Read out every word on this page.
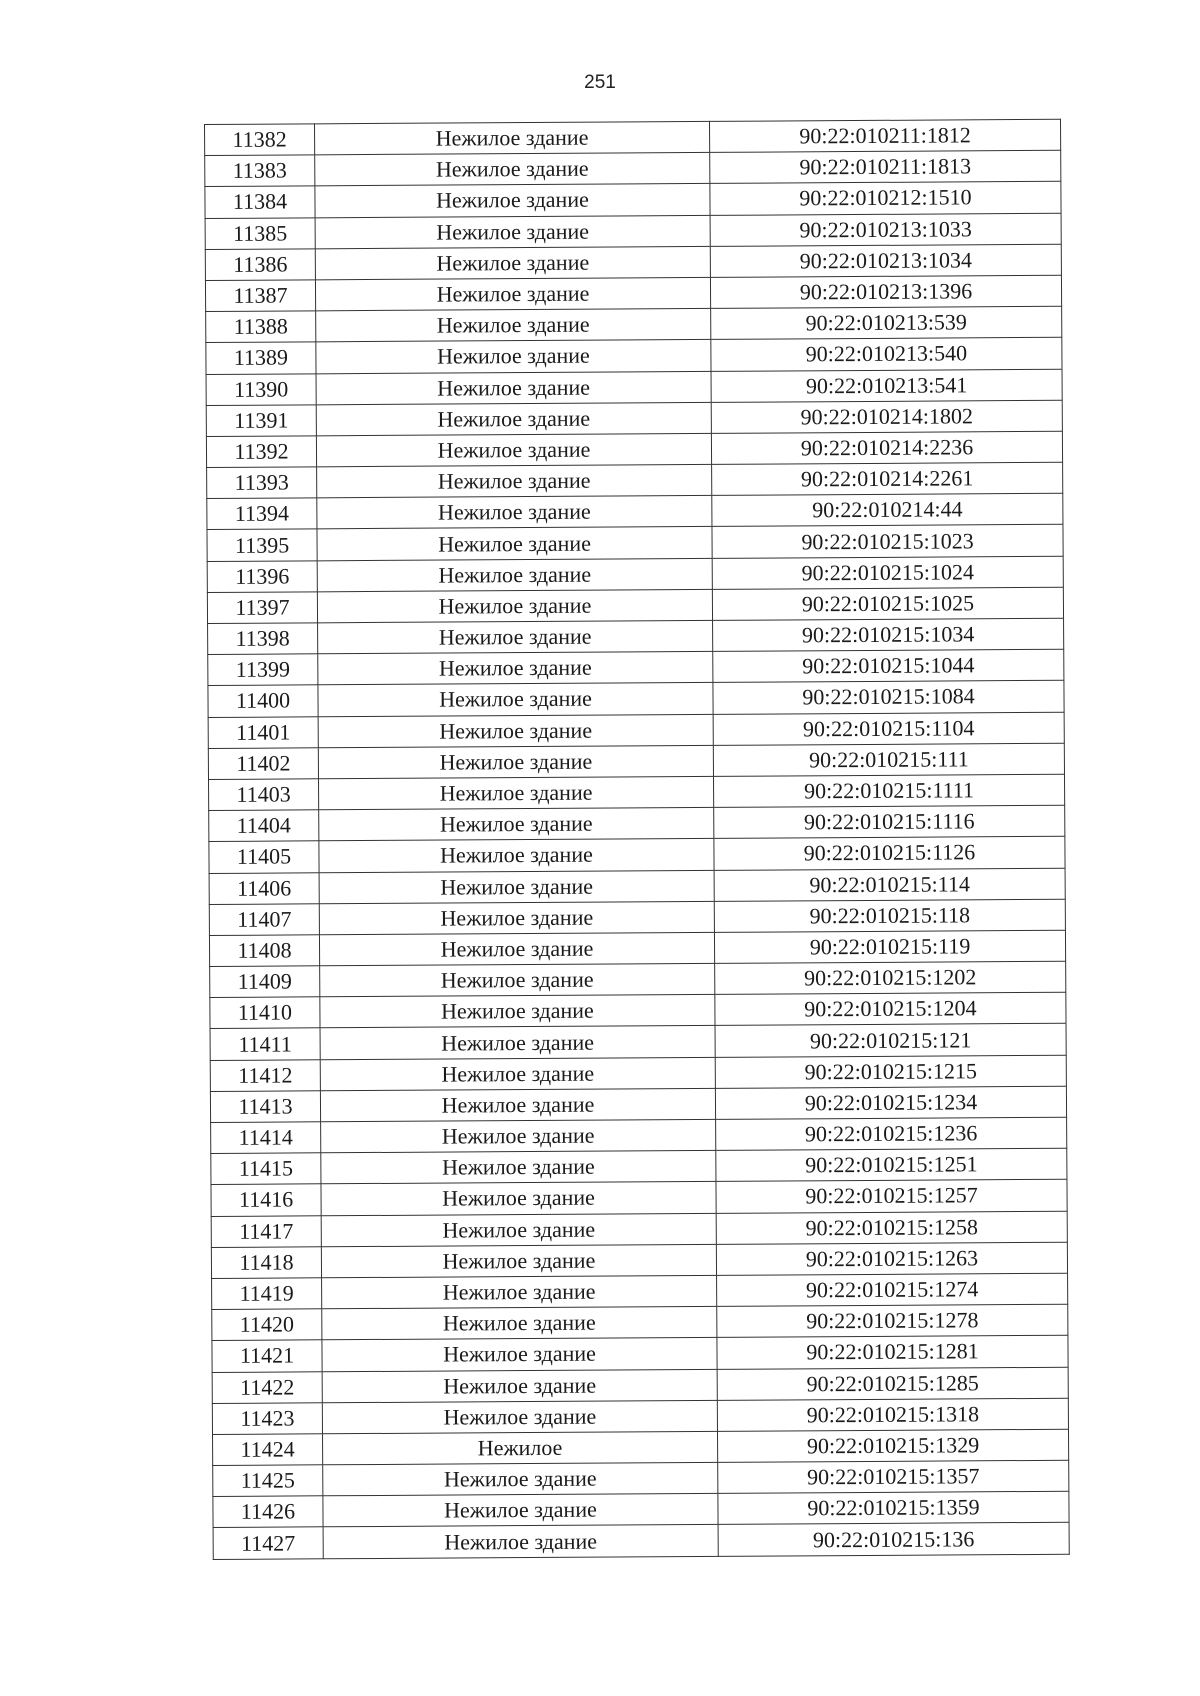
251
11382	Нежилое здание	90:22:010211:1812
11383	Нежилое здание	90:22:010211:1813
11384	Нежилое здание	90:22:010212:1510
11385	Нежилое здание	90:22:010213:1033
11386	Нежилое здание	90:22:010213:1034
11387	Нежилое здание	90:22:010213:1396
11388	Нежилое здание	90:22:010213:539
11389	Нежилое здание	90:22:010213:540
11390	Нежилое здание	90:22:010213:541
11391	Нежилое здание	90:22:010214:1802
11392	Нежилое здание	90:22:010214:2236
11393	Нежилое здание	90:22:010214:2261
11394	Нежилое здание	90:22:010214:44
11395	Нежилое здание	90:22:010215:1023
11396	Нежилое здание	90:22:010215:1024
11397	Нежилое здание	90:22:010215:1025
11398	Нежилое здание	90:22:010215:1034
11399	Нежилое здание	90:22:010215:1044
11400	Нежилое здание	90:22:010215:1084
11401	Нежилое здание	90:22:010215:1104
11402	Нежилое здание	90:22:010215:111
11403	Нежилое здание	90:22:010215:1111
11404	Нежилое здание	90:22:010215:1116
11405	Нежилое здание	90:22:010215:1126
11406	Нежилое здание	90:22:010215:114
11407	Нежилое здание	90:22:010215:118
11408	Нежилое здание	90:22:010215:119
11409	Нежилое здание	90:22:010215:1202
11410	Нежилое здание	90:22:010215:1204
11411	Нежилое здание	90:22:010215:121
11412	Нежилое здание	90:22:010215:1215
11413	Нежилое здание	90:22:010215:1234
11414	Нежилое здание	90:22:010215:1236
11415	Нежилое здание	90:22:010215:1251
11416	Нежилое здание	90:22:010215:1257
11417	Нежилое здание	90:22:010215:1258
11418	Нежилое здание	90:22:010215:1263
11419	Нежилое здание	90:22:010215:1274
11420	Нежилое здание	90:22:010215:1278
11421	Нежилое здание	90:22:010215:1281
11422	Нежилое здание	90:22:010215:1285
11423	Нежилое здание	90:22:010215:1318
11424	Нежилое	90:22:010215:1329
11425	Нежилое здание	90:22:010215:1357
11426	Нежилое здание	90:22:010215:1359
11427	Нежилое здание	90:22:010215:136
